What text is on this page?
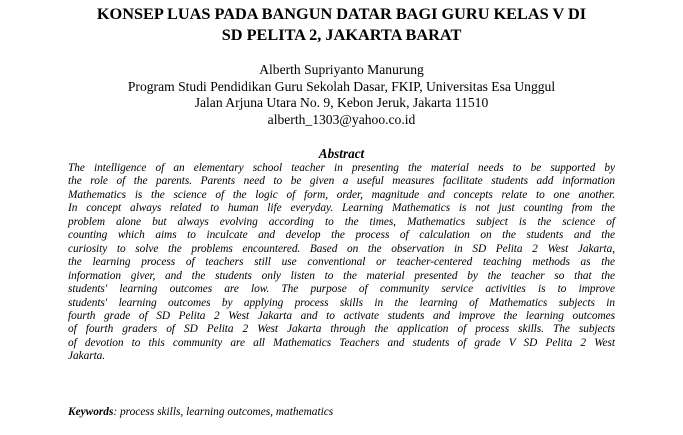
KONSEP LUAS PADA BANGUN DATAR BAGI GURU KELAS V DI
SD PELITA 2, JAKARTA BARAT
Alberth Supriyanto Manurung
Program Studi Pendidikan Guru Sekolah Dasar, FKIP, Universitas Esa Unggul
Jalan Arjuna Utara No. 9, Kebon Jeruk, Jakarta 11510
alberth_1303@yahoo.co.id
Abstract
The intelligence of an elementary school teacher in presenting the material needs to be supported by
the role of the parents. Parents need to be given a useful measures facilitate students add information
Mathematics is the science of the logic of form, order, magnitude and concepts relate to one another.
In concept always related to human life everyday. Learning Mathematics is not just counting from the
problem alone but always evolving according to the times, Mathematics subject is the science of
counting which aims to inculcate and develop the process of calculation on the students and the
curiosity to solve the problems encountered. Based on the observation in SD Pelita 2 West Jakarta,
the learning process of teachers still use conventional or teacher-centered teaching methods as the
information giver, and the students only listen to the material presented by the teacher so that the
students' learning outcomes are low. The purpose of community service activities is to improve
students' learning outcomes by applying process skills in the learning of Mathematics subjects in
fourth grade of SD Pelita 2 West Jakarta and to activate students and improve the learning outcomes
of fourth graders of SD Pelita 2 West Jakarta through the application of process skills. The subjects
of devotion to this community are all Mathematics Teachers and students of grade V SD Pelita 2 West
Jakarta.
Keywords: process skills, learning outcomes, mathematics
